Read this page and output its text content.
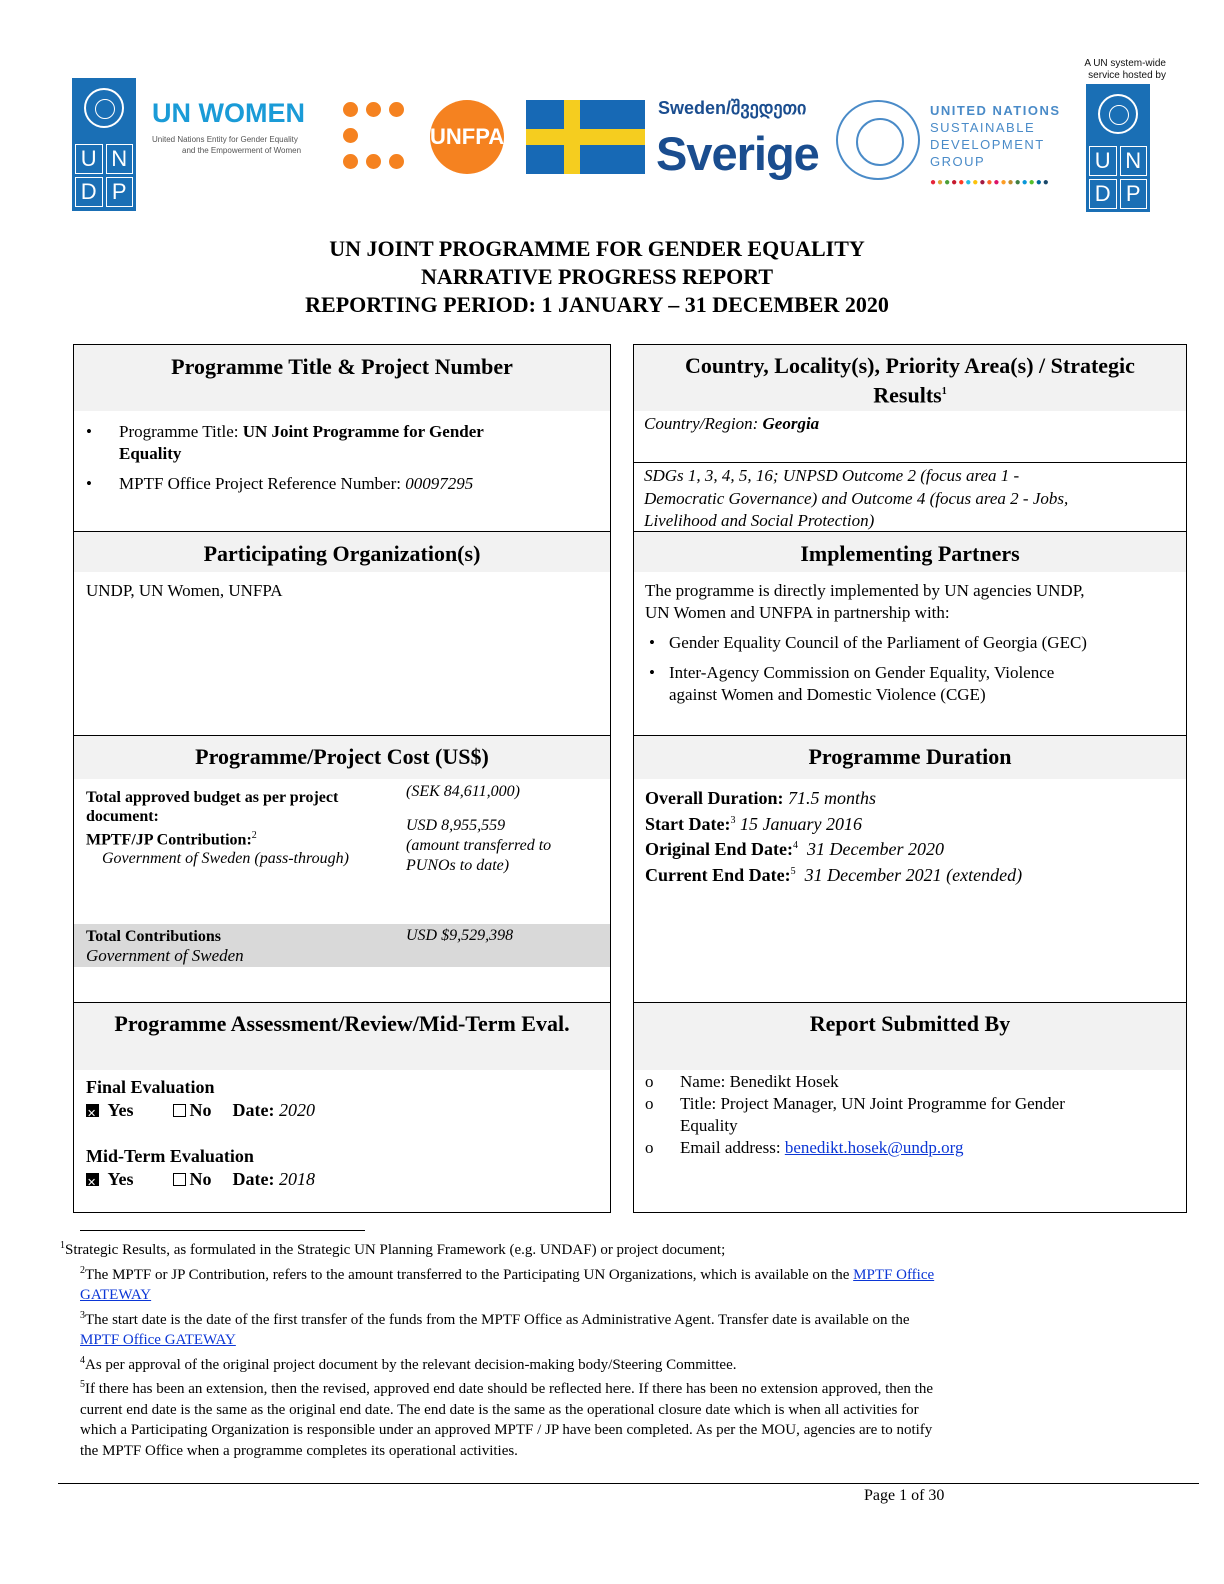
U N
D P
UN WOMEN
United Nations Entity for Gender Equality
and the Empowerment of Women
UNFPA
Sweden/შვედეთი
Sverige
UNITED NATIONS
SUSTAINABLE
DEVELOPMENT
GROUP
●●●●●●●●●●●●●●●●●
A UN system-wide
service hosted by
U N
D P
UN JOINT PROGRAMME FOR GENDER EQUALITY
NARRATIVE PROGRESS REPORT
REPORTING PERIOD: 1 JANUARY – 31 DECEMBER 2020
Programme Title & Project Number
• Programme Title: UN Joint Programme for Gender
Equality
• MPTF Office Project Reference Number: 00097295
Participating Organization(s)
UNDP, UN Women, UNFPA
Programme/Project Cost (US$)
Total approved budget as per project
document:
MPTF/JP Contribution:$^2$
Government of Sweden (pass-through)
(SEK 84,611,000)
USD 8,955,559
(amount transferred to
PUNOs to date)
Total Contributions
Government of Sweden
USD $9,529,398
Programme Assessment/Review/Mid-Term Eval.
Final Evaluation
✕ Yes	No Date: 2020
Mid-Term Evaluation
✕ Yes	No Date: 2018
Country, Locality(s), Priority Area(s) / Strategic
Results$^1$
Country/Region: Georgia
SDGs 1, 3, 4, 5, 16; UNPSD Outcome 2 (focus area 1 -
Democratic Governance) and Outcome 4 (focus area 2 - Jobs,
Livelihood and Social Protection)
Implementing Partners
The programme is directly implemented by UN agencies UNDP,
UN Women and UNFPA in partnership with:
• Gender Equality Council of the Parliament of Georgia (GEC)
• Inter-Agency Commission on Gender Equality, Violence
against Women and Domestic Violence (CGE)
Programme Duration
Overall Duration: 71.5 months
Start Date:$^3$ 15 January 2016
Original End Date:$^4$  31 December 2020
Current End Date:$^5$  31 December 2021 (extended)
Report Submitted By
o Name: Benedikt Hosek
o Title: Project Manager, UN Joint Programme for Gender
Equality
o Email address: benedikt.hosek@undp.org
$^1$Strategic Results, as formulated in the Strategic UN Planning Framework (e.g. UNDAF) or project document;
$^2$The MPTF or JP Contribution, refers to the amount transferred to the Participating UN Organizations, which is available on the MPTF Office
GATEWAY
$^3$The start date is the date of the first transfer of the funds from the MPTF Office as Administrative Agent. Transfer date is available on the
MPTF Office GATEWAY
$^4$As per approval of the original project document by the relevant decision-making body/Steering Committee.
$^5$If there has been an extension, then the revised, approved end date should be reflected here. If there has been no extension approved, then the
current end date is the same as the original end date. The end date is the same as the operational closure date which is when all activities for
which a Participating Organization is responsible under an approved MPTF / JP have been completed. As per the MOU, agencies are to notify
the MPTF Office when a programme completes its operational activities.
Page 1 of 30
